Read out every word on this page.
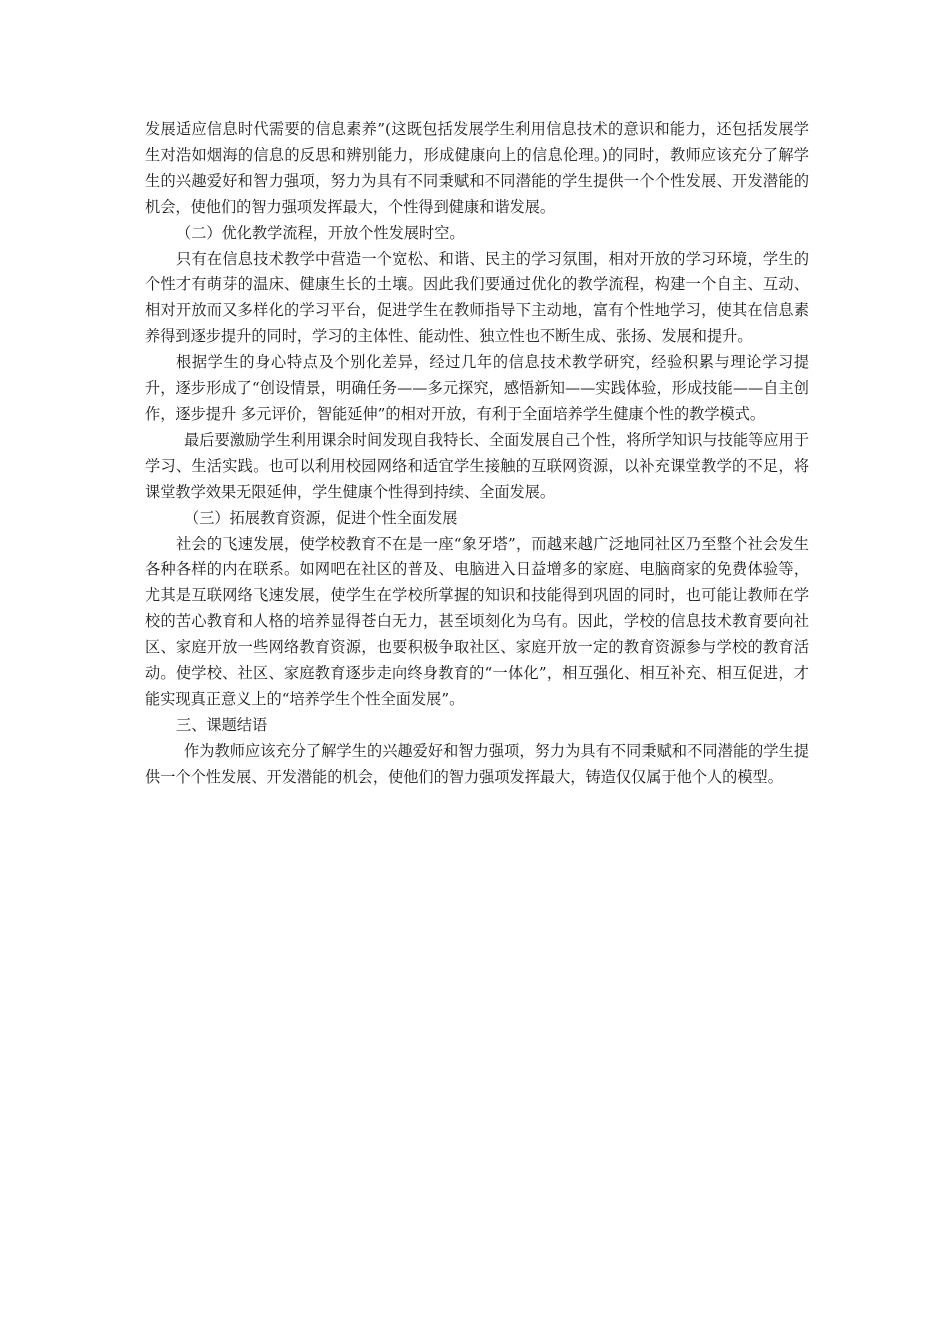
发展适应信息时代需要的信息素养”(这既包括发展学生利用信息技术的意识和能力，还包括发展学生对浩如烟海的信息的反思和辨别能力，形成健康向上的信息伦理。)的同时，教师应该充分了解学生的兴趣爱好和智力强项，努力为具有不同秉赋和不同潜能的学生提供一个个性发展、开发潜能的机会，使他们的智力强项发挥最大，个性得到健康和谐发展。

（二）优化教学流程，开放个性发展时空。

只有在信息技术教学中营造一个宽松、和谐、民主的学习氛围，相对开放的学习环境，学生的个性才有萌芽的温床、健康生长的土壤。因此我们要通过优化的教学流程，构建一个自主、互动、相对开放而又多样化的学习平台，促进学生在教师指导下主动地，富有个性地学习，使其在信息素养得到逐步提升的同时，学习的主体性、能动性、独立性也不断生成、张扬、发展和提升。

根据学生的身心特点及个别化差异，经过几年的信息技术教学研究，经验积累与理论学习提升，逐步形成了“创设情景，明确任务——多元探究，感悟新知——实践体验，形成技能——自主创作，逐步提升 多元评价，智能延伸”的相对开放，有利于全面培养学生健康个性的教学模式。

最后要激励学生利用课余时间发现自我特长、全面发展自己个性，将所学知识与技能等应用于学习、生活实践。也可以利用校园网络和适宜学生接触的互联网资源，以补充课堂教学的不足，将课堂教学效果无限延伸，学生健康个性得到持续、全面发展。

（三）拓展教育资源，促进个性全面发展

社会的飞速发展，使学校教育不在是一座“象牙塔”，而越来越广泛地同社区乃至整个社会发生各种各样的内在联系。如网吧在社区的普及、电脑进入日益增多的家庭、电脑商家的免费体验等，尤其是互联网络飞速发展，使学生在学校所掌握的知识和技能得到巩固的同时，也可能让教师在学校的苦心教育和人格的培养显得苍白无力，甚至顷刻化为乌有。因此，学校的信息技术教育要向社区、家庭开放一些网络教育资源，也要积极争取社区、家庭开放一定的教育资源参与学校的教育活动。使学校、社区、家庭教育逐步走向终身教育的“一体化”，相互强化、相互补充、相互促进，才能实现真正意义上的“培养学生个性全面发展”。

三、课题结语

作为教师应该充分了解学生的兴趣爱好和智力强项，努力为具有不同秉赋和不同潜能的学生提供一个个性发展、开发潜能的机会，使他们的智力强项发挥最大，铸造仅仅属于他个人的模型。
